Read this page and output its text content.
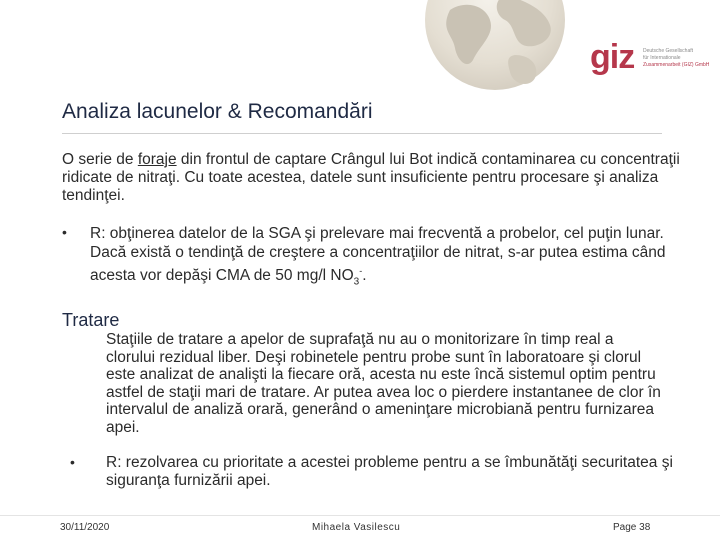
giz Deutsche Gesellschaft
für Internationale
Zusammenarbeit (GIZ) GmbH
Analiza lacunelor & Recomandări

O serie de foraje din frontul de captare Crângul lui Bot indică contaminarea cu concentraţii ridicate de nitraţi. Cu toate acestea, datele sunt insuficiente pentru procesare şi analiza tendinţei.

• R: obţinerea datelor de la SGA şi prelevare mai frecventă a probelor, cel puţin lunar. Dacă există o tendinţă de creştere a concentraţiilor de nitrat, s-ar putea estima când acesta vor depăşi CMA de 50 mg/l $NO_3^-$.

Tratare

Staţiile de tratare a apelor de suprafaţă nu au o monitorizare în timp real a clorului rezidual liber. Deşi robinetele pentru probe sunt în laboratoare şi clorul este analizat de analişti la fiecare oră, acesta nu este încă sistemul optim pentru astfel de staţii mari de tratare. Ar putea avea loc o pierdere instantanee de clor în intervalul de analiză orară, generând o ameninţare microbiană pentru furnizarea apei.

• R: rezolvarea cu prioritate a acestei probleme pentru a se îmbunătăţi securitatea şi siguranţa furnizării apei.

30/11/2020	Mihaela Vasilescu	Page 38
